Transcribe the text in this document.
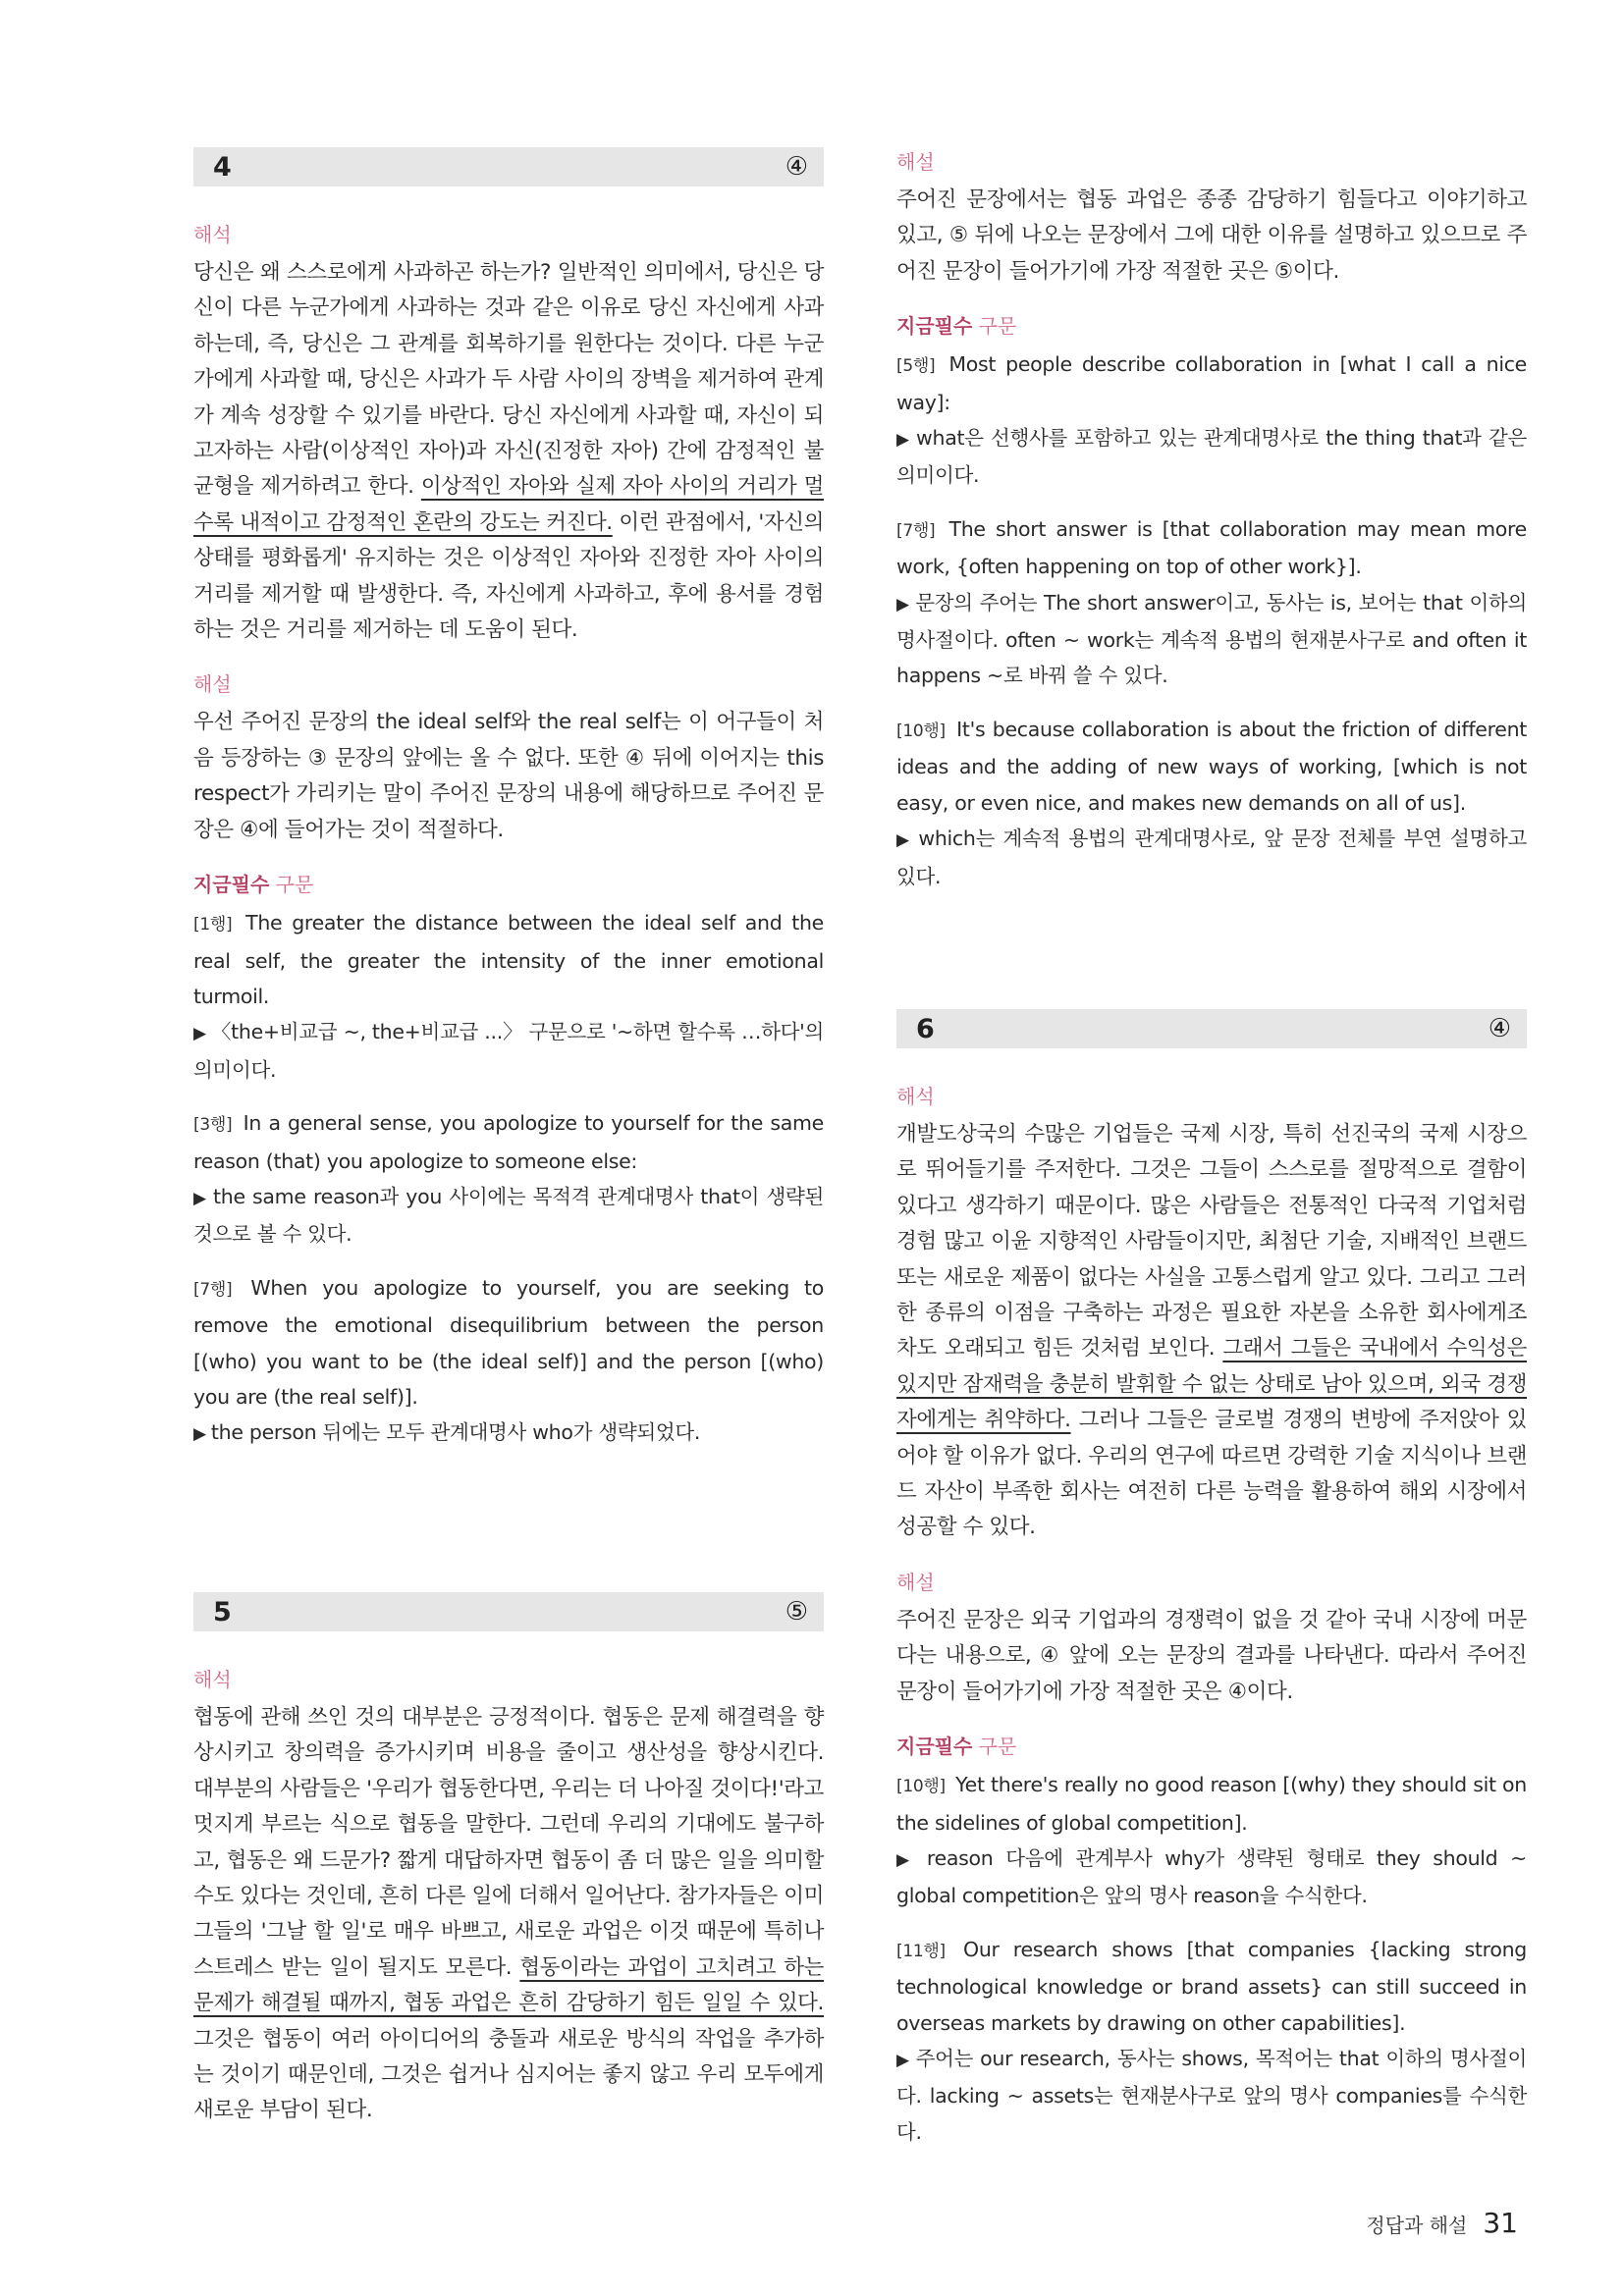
4	④
해석

당신은 왜 스스로에게 사과하곤 하는가? 일반적인 의미에서, 당신은 당신이 다른 누군가에게 사과하는 것과 같은 이유로 당신 자신에게 사과하는데, 즉, 당신은 그 관계를 회복하기를 원한다는 것이다. 다른 누군가에게 사과할 때, 당신은 사과가 두 사람 사이의 장벽을 제거하여 관계가 계속 성장할 수 있기를 바란다. 당신 자신에게 사과할 때, 자신이 되고자하는 사람(이상적인 자아)과 자신(진정한 자아) 간에 감정적인 불균형을 제거하려고 한다. 이상적인 자아와 실제 자아 사이의 거리가 멀수록 내적이고 감정적인 혼란의 강도는 커진다. 이런 관점에서, '자신의 상태를 평화롭게' 유지하는 것은 이상적인 자아와 진정한 자아 사이의 거리를 제거할 때 발생한다. 즉, 자신에게 사과하고, 후에 용서를 경험하는 것은 거리를 제거하는 데 도움이 된다.

해설

우선 주어진 문장의 the ideal self와 the real self는 이 어구들이 처음 등장하는 ③ 문장의 앞에는 올 수 없다. 또한 ④ 뒤에 이어지는 this respect가 가리키는 말이 주어진 문장의 내용에 해당하므로 주어진 문장은 ④에 들어가는 것이 적절하다.

지금필수 구문

[1행] The greater the distance between the ideal self and the real self, the greater the intensity of the inner emotional turmoil.

▶ 〈the+비교급 ~, the+비교급 ...〉 구문으로 '~하면 할수록 …하다'의 의미이다.

[3행] In a general sense, you apologize to yourself for the same reason (that) you apologize to someone else:

▶ the same reason과 you 사이에는 목적격 관계대명사 that이 생략된 것으로 볼 수 있다.

[7행] When you apologize to yourself, you are seeking to remove the emotional disequilibrium between the person [(who) you want to be (the ideal self)] and the person [(who) you are (the real self)].

▶ the person 뒤에는 모두 관계대명사 who가 생략되었다.

5	⑤
해석

협동에 관해 쓰인 것의 대부분은 긍정적이다. 협동은 문제 해결력을 향상시키고 창의력을 증가시키며 비용을 줄이고 생산성을 향상시킨다. 대부분의 사람들은 '우리가 협동한다면, 우리는 더 나아질 것이다!'라고 멋지게 부르는 식으로 협동을 말한다. 그런데 우리의 기대에도 불구하고, 협동은 왜 드문가? 짧게 대답하자면 협동이 좀 더 많은 일을 의미할 수도 있다는 것인데, 흔히 다른 일에 더해서 일어난다. 참가자들은 이미 그들의 '그날 할 일'로 매우 바쁘고, 새로운 과업은 이것 때문에 특히나 스트레스 받는 일이 될지도 모른다. 협동이라는 과업이 고치려고 하는 문제가 해결될 때까지, 협동 과업은 흔히 감당하기 힘든 일일 수 있다. 그것은 협동이 여러 아이디어의 충돌과 새로운 방식의 작업을 추가하는 것이기 때문인데, 그것은 쉽거나 심지어는 좋지 않고 우리 모두에게 새로운 부담이 된다.

해설

주어진 문장에서는 협동 과업은 종종 감당하기 힘들다고 이야기하고 있고, ⑤ 뒤에 나오는 문장에서 그에 대한 이유를 설명하고 있으므로 주어진 문장이 들어가기에 가장 적절한 곳은 ⑤이다.

지금필수 구문

[5행] Most people describe collaboration in [what I call a nice way]:

▶ what은 선행사를 포함하고 있는 관계대명사로 the thing that과 같은 의미이다.

[7행] The short answer is [that collaboration may mean more work, {often happening on top of other work}].

▶ 문장의 주어는 The short answer이고, 동사는 is, 보어는 that 이하의 명사절이다. often ~ work는 계속적 용법의 현재분사구로 and often it happens ~로 바꿔 쓸 수 있다.

[10행] It's because collaboration is about the friction of different ideas and the adding of new ways of working, [which is not easy, or even nice, and makes new demands on all of us].

▶ which는 계속적 용법의 관계대명사로, 앞 문장 전체를 부연 설명하고 있다.

6	④
해석

개발도상국의 수많은 기업들은 국제 시장, 특히 선진국의 국제 시장으로 뛰어들기를 주저한다. 그것은 그들이 스스로를 절망적으로 결함이 있다고 생각하기 때문이다. 많은 사람들은 전통적인 다국적 기업처럼 경험 많고 이윤 지향적인 사람들이지만, 최첨단 기술, 지배적인 브랜드 또는 새로운 제품이 없다는 사실을 고통스럽게 알고 있다. 그리고 그러한 종류의 이점을 구축하는 과정은 필요한 자본을 소유한 회사에게조차도 오래되고 힘든 것처럼 보인다. 그래서 그들은 국내에서 수익성은 있지만 잠재력을 충분히 발휘할 수 없는 상태로 남아 있으며, 외국 경쟁자에게는 취약하다. 그러나 그들은 글로벌 경쟁의 변방에 주저앉아 있어야 할 이유가 없다. 우리의 연구에 따르면 강력한 기술 지식이나 브랜드 자산이 부족한 회사는 여전히 다른 능력을 활용하여 해외 시장에서 성공할 수 있다.

해설

주어진 문장은 외국 기업과의 경쟁력이 없을 것 같아 국내 시장에 머문다는 내용으로, ④ 앞에 오는 문장의 결과를 나타낸다. 따라서 주어진 문장이 들어가기에 가장 적절한 곳은 ④이다.

지금필수 구문

[10행] Yet there's really no good reason [(why) they should sit on the sidelines of global competition].

▶ reason 다음에 관계부사 why가 생략된 형태로 they should ~ global competition은 앞의 명사 reason을 수식한다.

[11행] Our research shows [that companies {lacking strong technological knowledge or brand assets} can still succeed in overseas markets by drawing on other capabilities].

▶ 주어는 our research, 동사는 shows, 목적어는 that 이하의 명사절이다. lacking ~ assets는 현재분사구로 앞의 명사 companies를 수식한다.

정답과 해설 31
